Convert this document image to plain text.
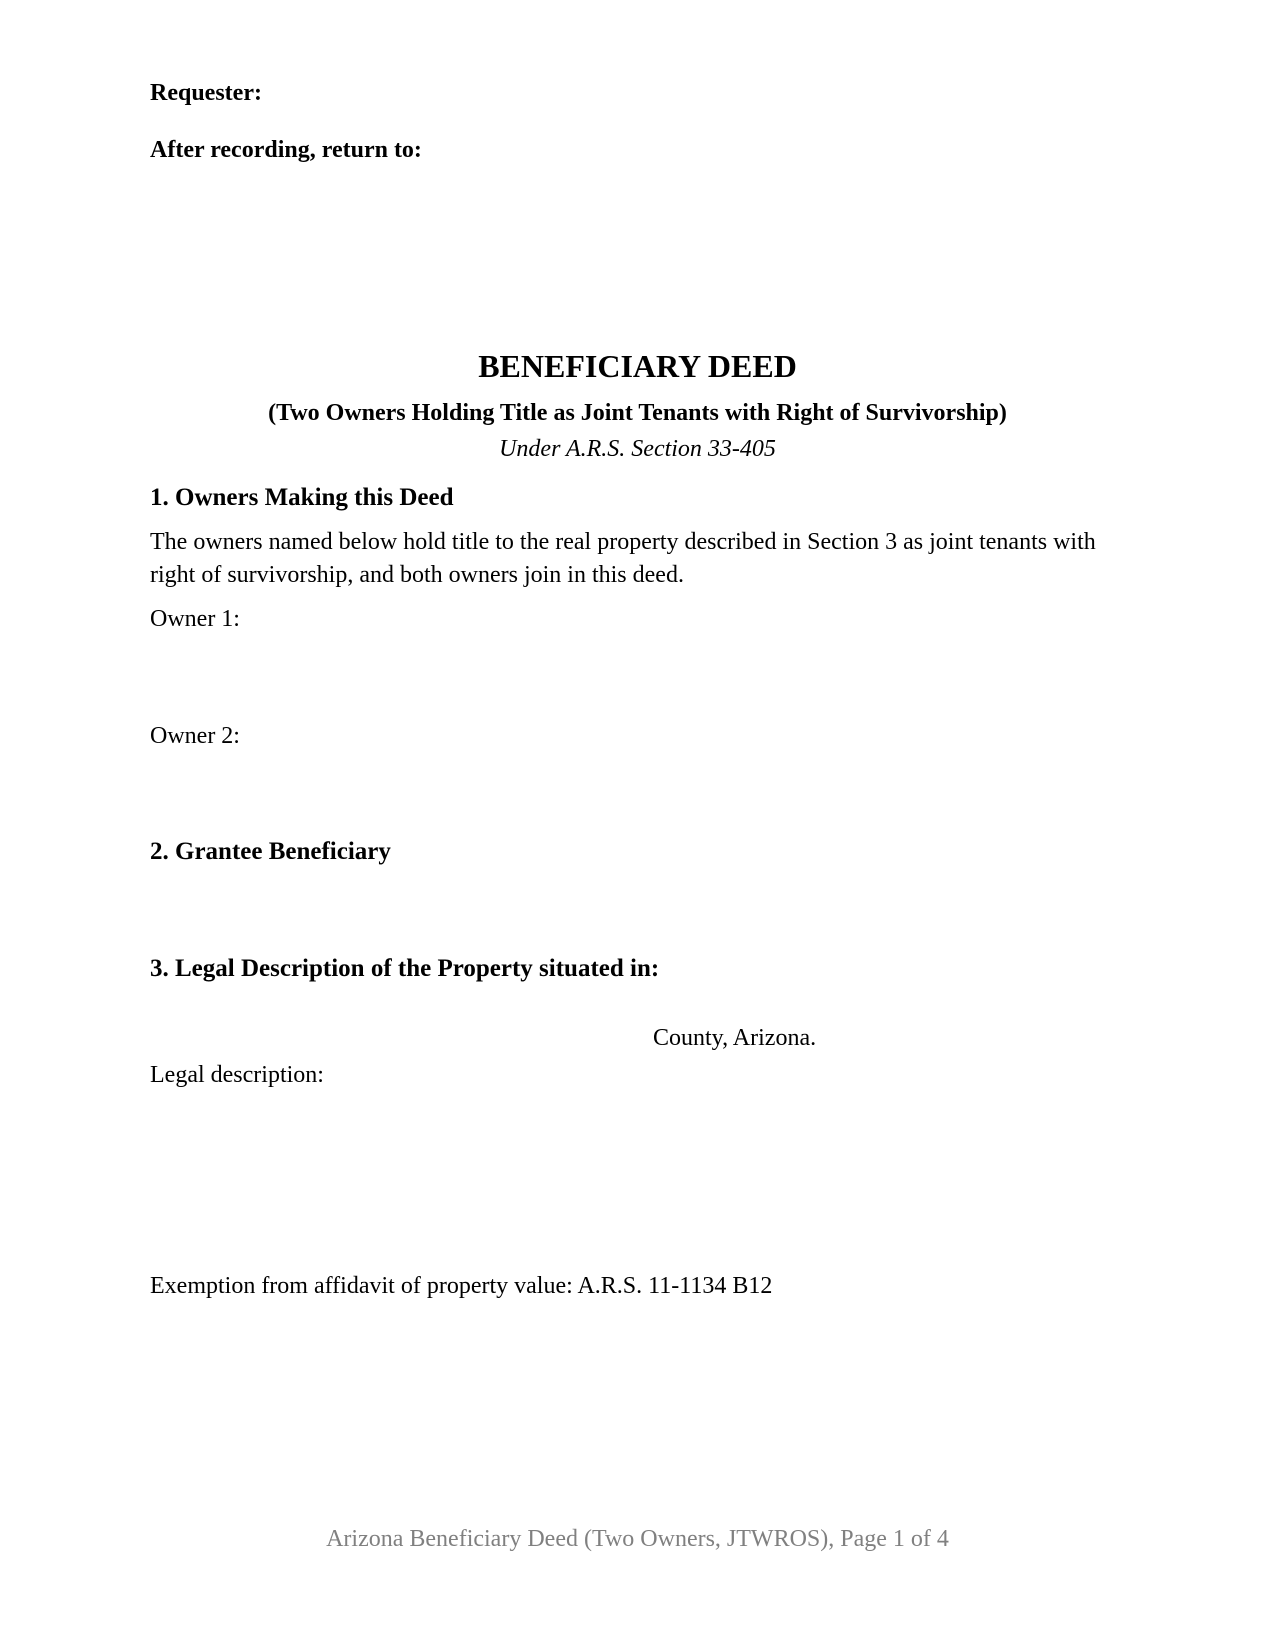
Requester:
After recording, return to:
BENEFICIARY DEED
(Two Owners Holding Title as Joint Tenants with Right of Survivorship)
Under A.R.S. Section 33-405
1. Owners Making this Deed

The owners named below hold title to the real property described in Section 3 as joint tenants with right of survivorship, and both owners join in this deed.

Owner 1:
Owner 2:
2. Grantee Beneficiary
3. Legal Description of the Property situated in:
County, Arizona.
Legal description:
Exemption from affidavit of property value: A.R.S. 11-1134 B12
Arizona Beneficiary Deed (Two Owners, JTWROS), Page 1 of 4
